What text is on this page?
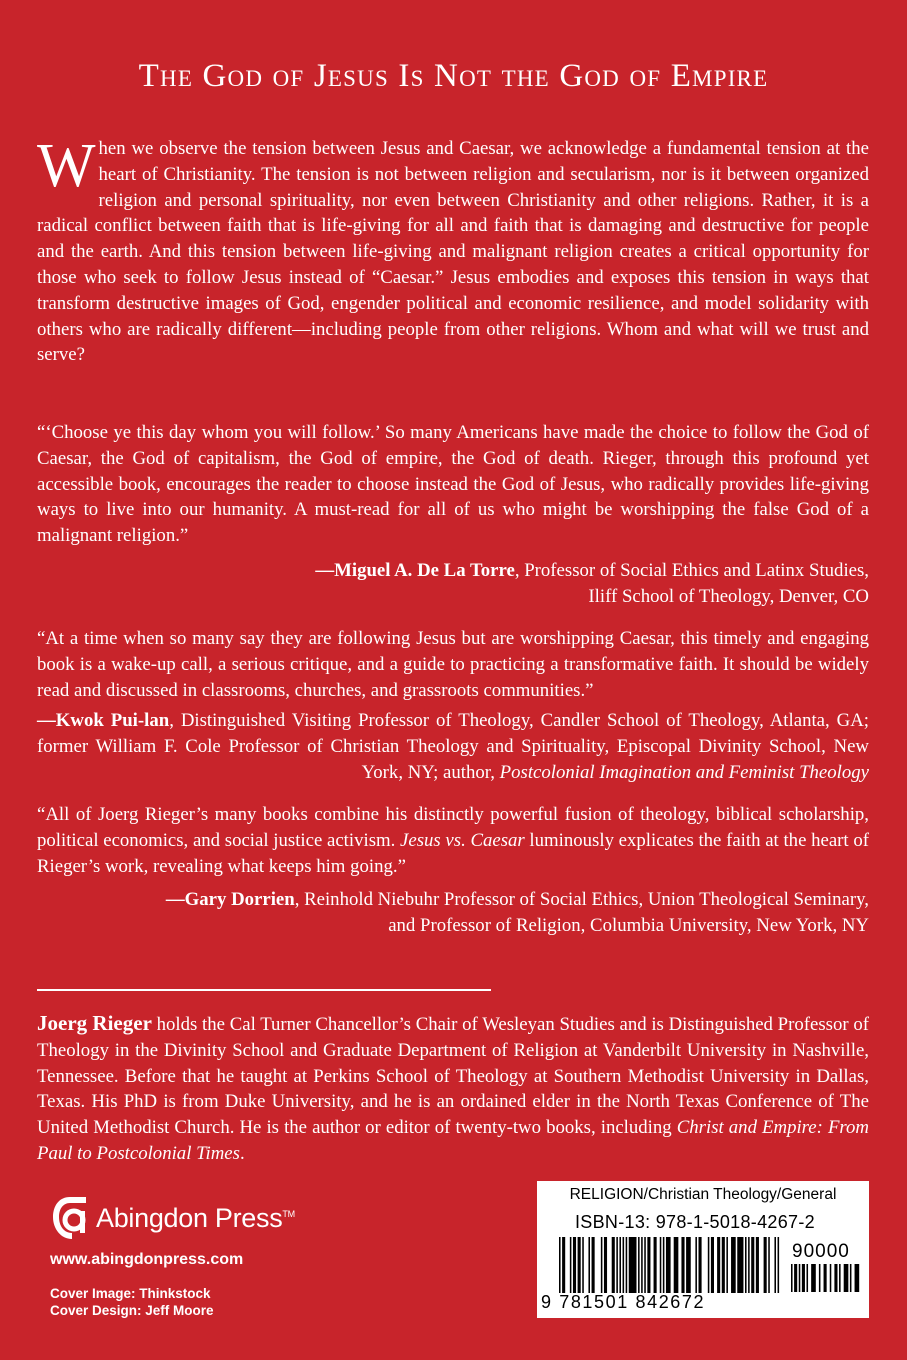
The God of Jesus Is Not the God of Empire
When we observe the tension between Jesus and Caesar, we acknowledge a fundamental tension at the heart of Christianity. The tension is not between religion and secularism, nor is it between organized religion and personal spirituality, nor even between Christianity and other religions. Rather, it is a radical conflict between faith that is life-giving for all and faith that is damaging and destructive for people and the earth. And this tension between life-giving and malignant religion creates a critical opportunity for those who seek to follow Jesus instead of “Caesar.” Jesus embodies and exposes this tension in ways that transform destructive images of God, engender political and economic resilience, and model solidarity with others who are radically different—including people from other religions. Whom and what will we trust and serve?
“‘Choose ye this day whom you will follow.’ So many Americans have made the choice to follow the God of Caesar, the God of capitalism, the God of empire, the God of death. Rieger, through this profound yet accessible book, encourages the reader to choose instead the God of Jesus, who radically provides life-giving ways to live into our humanity. A must-read for all of us who might be worshipping the false God of a malignant religion.”
—Miguel A. De La Torre, Professor of Social Ethics and Latinx Studies,
Iliff School of Theology, Denver, CO
“At a time when so many say they are following Jesus but are worshipping Caesar, this timely and engaging book is a wake-up call, a serious critique, and a guide to practicing a transformative faith. It should be widely read and discussed in classrooms, churches, and grassroots communities.”
—Kwok Pui-lan, Distinguished Visiting Professor of Theology, Candler School of Theology, Atlanta, GA; former William F. Cole Professor of Christian Theology and Spirituality, Episcopal Divinity School, New York, NY; author, Postcolonial Imagination and Feminist Theology
“All of Joerg Rieger’s many books combine his distinctly powerful fusion of theology, biblical scholarship, political economics, and social justice activism. Jesus vs. Caesar luminously explicates the faith at the heart of Rieger’s work, revealing what keeps him going.”
—Gary Dorrien, Reinhold Niebuhr Professor of Social Ethics, Union Theological Seminary,
and Professor of Religion, Columbia University, New York, NY
Joerg Rieger holds the Cal Turner Chancellor’s Chair of Wesleyan Studies and is Distinguished Professor of Theology in the Divinity School and Graduate Department of Religion at Vanderbilt University in Nashville, Tennessee. Before that he taught at Perkins School of Theology at Southern Methodist University in Dallas, Texas. His PhD is from Duke University, and he is an ordained elder in the North Texas Conference of The United Methodist Church. He is the author or editor of twenty-two books, including Christ and Empire: From Paul to Postcolonial Times.
Abingdon Press™
www.abingdonpress.com
Cover Image: Thinkstock
Cover Design: Jeff Moore
RELIGION/Christian Theology/General
ISBN-13: 978-1-5018-4267-2
90000
9 781501 842672
